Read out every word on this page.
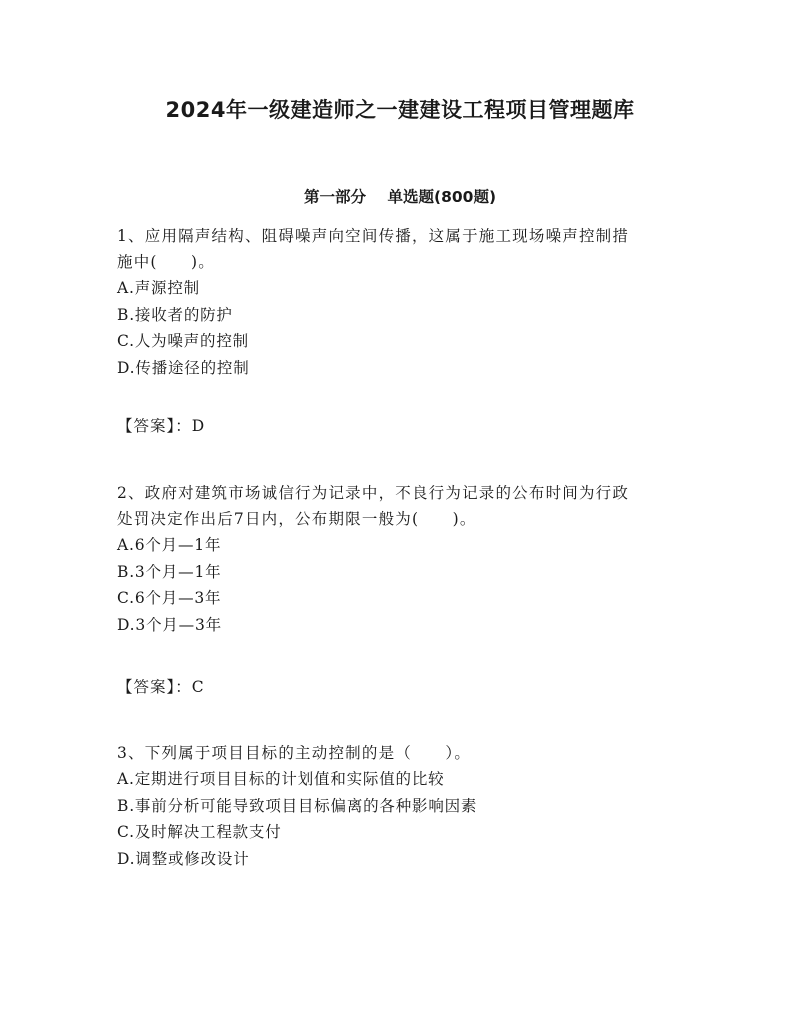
2024年一级建造师之一建建设工程项目管理题库
第一部分    单选题(800题)
1、应用隔声结构、阻碍噪声向空间传播，这属于施工现场噪声控制措
施中(　　)。
A.声源控制
B.接收者的防护
C.人为噪声的控制
D.传播途径的控制
【答案】：D
2、政府对建筑市场诚信行为记录中，不良行为记录的公布时间为行政
处罚决定作出后7日内，公布期限一般为(　　)。
A.6个月—1年
B.3个月—1年
C.6个月—3年
D.3个月—3年
【答案】：C
3、下列属于项目目标的主动控制的是（　　）。
A.定期进行项目目标的计划值和实际值的比较
B.事前分析可能导致项目目标偏离的各种影响因素
C.及时解决工程款支付
D.调整或修改设计
